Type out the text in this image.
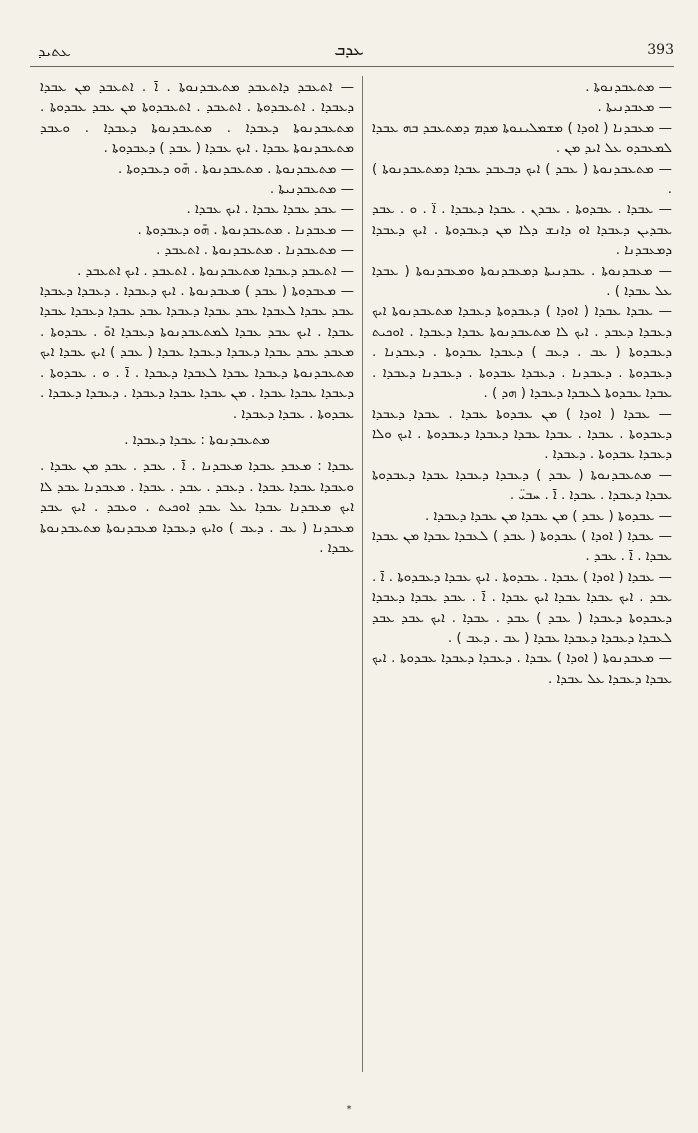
ܥܬܝܕ	ܥܕܒ	393

— ܡܬܥܒܕܢܘܬܐ .

— ܡܥܒܕܢܝܬܐ .

— ܡܥܒܕܢܐ ( ܐܘܕܐ ) ܡܫܡܠܝܢܘܬܐ ܡܕܡ ܕܡܬܥܒܕ ܒܗ ܥܒܕܐ ܠܡܥܒܕܘ ܥܠ ܐܝܕ ܡܢ .

— ܡܬܥܒܕܢܘܬܐ ( ܥܒܕ ) ܐܝܟ ܕܒܥܒܕ ܥܒܕܐ ܕܡܬܥܒܕܢܘܬܐ ) .

— ܥܒܕܐ . ܥܒܕܘܬܐ . ܥܒܕܢ . ܥܒܕܐ ܕܥܒܕܐ . ܐ̈ . ܘ . ܥܒܕ ܥܒܕܝܢ ܕܥܒܕܐ ܐܘ ܕܐܢܫ ܕܠܐ ܡܢ ܕܥܒܕܘܬܐ . ܐܝܟ ܕܥܒܕܐ ܕܡܥܒܕܢܐ .

— ܡܥܒܕܢܘܬܐ . ܥܒܕܢܝܬܐ ܕܡܥܒܕܢܘܬܐ ܘܡܥܒܕܢܘܬܐ ( ܥܒܕܐ ܥܠ ܥܒܕܐ ) .

— ܥܒܕܐ ܥܒܕܐ ( ܐܘܕܐ ) ܕܥܒܕܘܬܐ ܕܥܒܕܐ ܡܬܥܒܕܢܘܬܐ ܐܝܟ ܕܥܒܕܐ ܕܥܒܕ . ܐܝܟ ܠܐ ܡܬܥܒܕܢܘܬܐ ܥܒܕܐ ܕܥܒܕܐ . ܐܘܟܝܬ ܕܥܒܕܘܬܐ ( ܥܒ . ܕܥܒ ) ܕܥܒܕܐ ܥܒܕܘܬܐ . ܕܥܒܕܢܐ . ܕܥܒܕܘܬܐ . ܕܥܒܕܢܐ . ܕܥܒܕܐ ܥܒܕܘܬܐ . ܕܥܒܕܢܐ ܕܥܒܕܐ . ܥܒܕܐ ܥܒܕܘܬܐ ܠܥܒܕܐ ܕܥܒܕܐ ( ܗܕ ) .

— ܥܒܕܐ ( ܐܘܕܐ ) ܡܢ ܥܒܕܘܬܐ ܥܒܕܐ . ܥܒܕܐ ܕܥܒܕܐ ܕܥܒܕܘܬܐ . ܥܒܕܐ . ܥܒܕܐ ܥܒܕܐ ܕܥܒܕܐ ܕܥܒܕܘܬܐ . ܐܝܟ ܘܠܐ ܕܥܒܕܐ ܥܒܕܘܬܐ . ܕܥܒܕܐ .

— ܡܬܥܒܕܢܘܬܐ ( ܥܒܕ ) ܕܥܒܕܐ ܕܥܒܕܐ ܥܒܕܐ ܕܥܒܕܘܬܐ ܥܒܕܐ ܕܥܒܕܐ . ܥܒܕܐ . ܐ̄ . ܚܒܝ̈ .

— ܥܒܕܘܬܐ ( ܥܒܕ ) ܡܢ ܥܒܕܐ ܡܢ ܥܒܕܐ ܕܥܒܕܐ .

— ܥܒܕܐ ( ܐܘܕܐ ) ܥܒܕܘܬܐ ( ܥܒܕ ) ܠܥܒܕܐ ܥܒܕܐ ܡܢ ܥܒܕܐ ܥܒܕܐ . ܐ̄ . ܥܒܕ .

— ܥܒܕܐ ( ܐܘܕܐ ) ܥܒܕܐ . ܥܒܕܘܬܐ . ܐܝܟ ܥܒܕܐ ܕܥܒܕܘܬܐ . ܐ̄ . ܥܒܕ . ܐܝܟ ܥܒܕܐ ܥܒܕܐ ܐܝܟ ܥܒܕܐ . ܐ̄ . ܥܒܕ ܥܒܕܐ ܕܥܒܕܐ ܕܥܒܕܘܬܐ ܕܥܒܕܐ ( ܥܒܕ ) ܥܒܕ . ܥܒܕܐ . ܐܝܟ ܥܒܕ ܥܒܕ ܠܥܒܕܐ ܕܥܒܕܐ ܕܥܒܕܐ ܥܒܕܐ ( ܥܒ . ܕܥܒ ) .

— ܡܥܒܕܢܘܬܐ ( ܐܘܕܐ ) ܥܒܕܐ . ܕܥܒܕܐ ܕܥܒܕܐ ܥܒܕܘܬܐ . ܐܝܟ ܥܒܕܐ ܕܥܒܕܐ ܥܠ ܥܒܕܐ .

— ܐܬܥܒܕ ܕܐܬܥܒܕ ܡܬܥܒܕܢܘܬܐ . ܐ̄ . ܐܬܥܒܕ ܡܢ ܥܒܕܐ ܕܥܒܕܐ . ܐܬܥܒܕܘܬܐ . ܐܬܥܒܕ . ܐܬܥܒܕܘܬܐ ܡܢ ܥܒܕ ܥܒܕܘܬܐ . ܡܬܥܒܕܢܘܬܐ ܕܥܒܕܐ . ܡܬܥܒܕܢܘܬܐ ܕܥܒܕܐ . ܘܥܒܕ ܡܬܥܒܕܢܘܬܐ ܥܒܕܐ . ܐܝܟ ܥܒܕܐ ( ܥܒܕ ) ܕܥܒܕܘܬܐ .

— ܡܬܥܒܕܢܘܬܐ . ܡܬܥܒܕܢܘܬܐ . ܗ̄ܘ ܕܥܒܕܘܬܐ .

— ܡܬܥܒܕܢܝܬܐ .

— ܥܒܕ ܥܒܕܐ ܥܒܕܐ . ܐܝܟ ܥܒܕܐ .

— ܡܥܒܕܢܐ . ܡܬܥܒܕܢܘܬܐ . ܗ̄ܘ ܕܥܒܕܘܬܐ .

— ܡܬܥܒܕܢܐ . ܡܬܥܒܕܢܘܬܐ . ܐܬܥܒܕ .

— ܐܬܥܒܕ ܕܥܒܕܐ ܡܬܥܒܕܢܘܬܐ . ܐܬܥܒܕ . ܐܝܟ ܐܬܥܒܕ .

— ܡܥܒܕܘܬܐ ( ܥܒܕ ) ܡܥܒܕܢܘܬܐ . ܐܝܟ ܕܥܒܕܐ . ܕܥܒܕܐ ܕܥܒܕܐ ܥܒܕ ܥܒܕܐ ܠܥܒܕܐ ܥܒܕ ܥܒܕܐ ܕܥܒܕܐ ܥܒܕ ܥܒܕܐ ܕܥܒܕܐ ܥܒܕܐ ܥܒܕܐ . ܐܝܟ ܥܒܕ ܥܒܕܐ ܠܡܬܥܒܕܢܘܬܐ ܕܥܒܕܐ ܐܘ̄ . ܥܒܕܘܬܐ . ܡܥܒܕ ܥܒܕ ܥܒܕܐ ܕܥܒܕܐ ܕܥܒܕܐ ܥܒܕܐ ( ܥܒܕ ) ܐܝܟ ܥܒܕܐ ܐܝܟ ܡܬܥܒܕܢܘܬܐ ܕܥܒܕܐ ܥܒܕܐ ܠܥܒܕܐ ܕܥܒܕܐ . ܐ̄ . ܘ . ܥܒܕܘܬܐ . ܕܥܒܕܐ ܥܒܕܐ ܥܒܕܐ . ܡܢ ܥܒܕܐ ܥܒܕܐ ܕܥܒܕܐ . ܕܥܒܕܐ ܕܥܒܕܐ . ܥܒܕܘܬܐ . ܥܒܕܐ ܕܥܒܕܐ .

ܡܬܥܒܕܢܘܬܐ : ܥܒܕܐ ܕܥܒܕܐ .

ܥܒܕܐ : ܡܥܒܕ ܥܒܕܐ ܡܥܒܕܢܐ . ܐ̄ . ܥܒܕ . ܥܒܕ ܡܢ ܥܒܕܐ . ܘܥܒܕܐ ܥܒܕܐ ܥܒܕܐ . ܕܥܒܕ . ܥܒܕ . ܥܒܕܐ . ܡܥܒܕܢܐ ܥܒܕ ܠܐ ܐܝܟ ܡܥܒܕܢܐ ܥܒܕܐ ܥܠ ܥܒܕ ܐܘܟܝܬ . ܘܥܒܕ . ܐܝܟ ܥܒܕ ܡܥܒܕܢܐ ( ܥܒ . ܕܥܒ ) ܘܐܝܟ ܕܥܒܕܐ ܡܥܒܕܢܘܬܐ ܡܬܥܒܕܢܘܬܐ ܥܒܕܐ .

*
